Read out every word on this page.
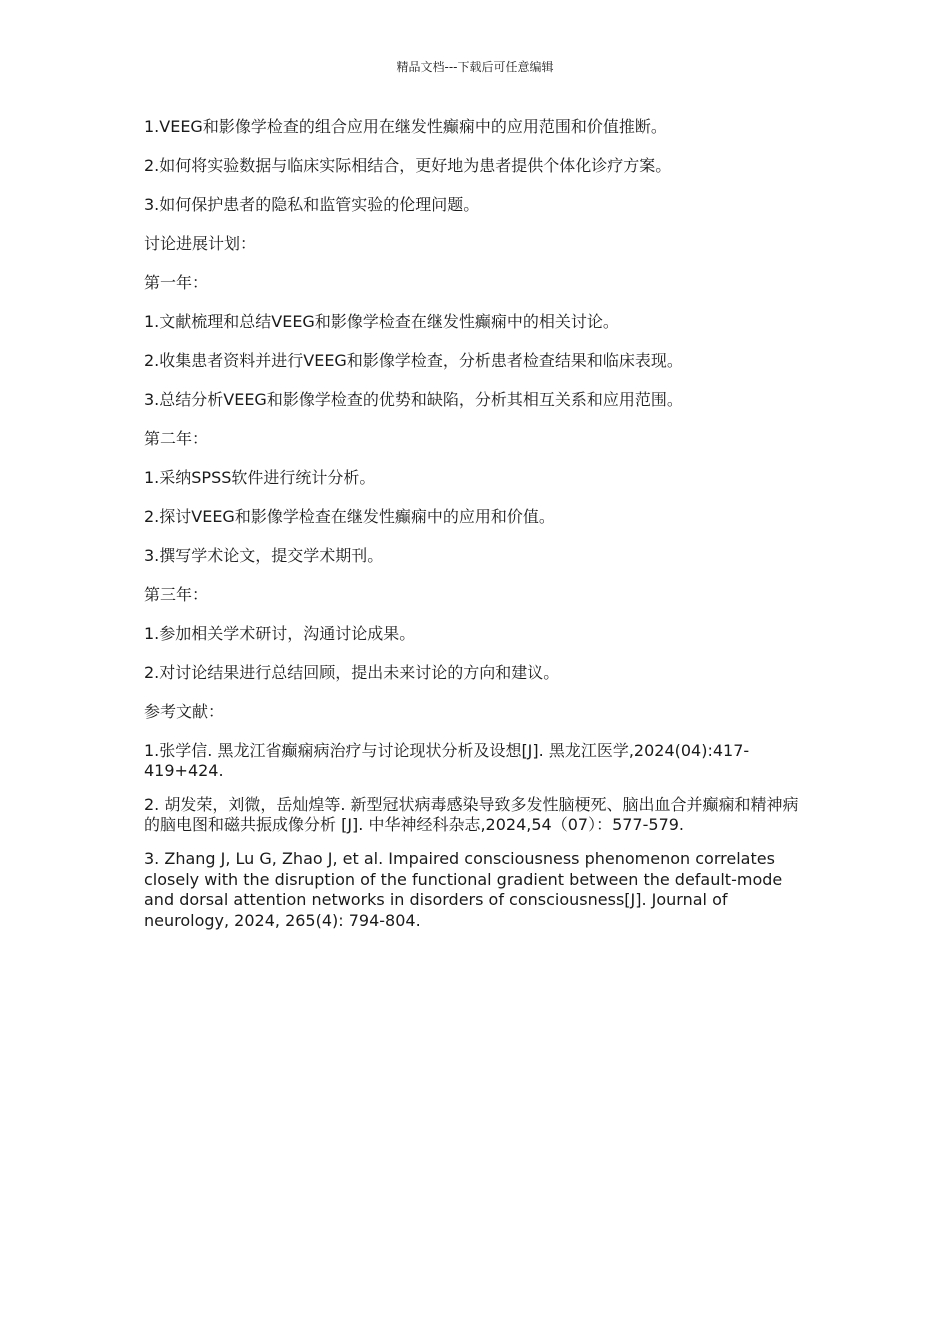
精品文档---下载后可任意编辑

1.VEEG和影像学检查的组合应用在继发性癫痫中的应用范围和价值推断。

2.如何将实验数据与临床实际相结合，更好地为患者提供个体化诊疗方案。

3.如何保护患者的隐私和监管实验的伦理问题。

讨论进展计划：

第一年：

1.文献梳理和总结VEEG和影像学检查在继发性癫痫中的相关讨论。

2.收集患者资料并进行VEEG和影像学检查，分析患者检查结果和临床表现。

3.总结分析VEEG和影像学检查的优势和缺陷，分析其相互关系和应用范围。

第二年：

1.采纳SPSS软件进行统计分析。

2.探讨VEEG和影像学检查在继发性癫痫中的应用和价值。

3.撰写学术论文，提交学术期刊。

第三年：

1.参加相关学术研讨，沟通讨论成果。

2.对讨论结果进行总结回顾，提出未来讨论的方向和建议。

参考文献：

1.张学信. 黑龙江省癫痫病治疗与讨论现状分析及设想[J]. 黑龙江医学,2024(04):417-419+424.

2. 胡发荣，刘微，岳灿煌等. 新型冠状病毒感染导致多发性脑梗死、脑出血合并癫痫和精神病的脑电图和磁共振成像分析 [J]. 中华神经科杂志,2024,54（07）：577-579.

3. Zhang J, Lu G, Zhao J, et al. Impaired consciousness phenomenon correlates closely with the disruption of the functional gradient between the default-mode and dorsal attention networks in disorders of consciousness[J]. Journal of neurology, 2024, 265(4): 794-804.
